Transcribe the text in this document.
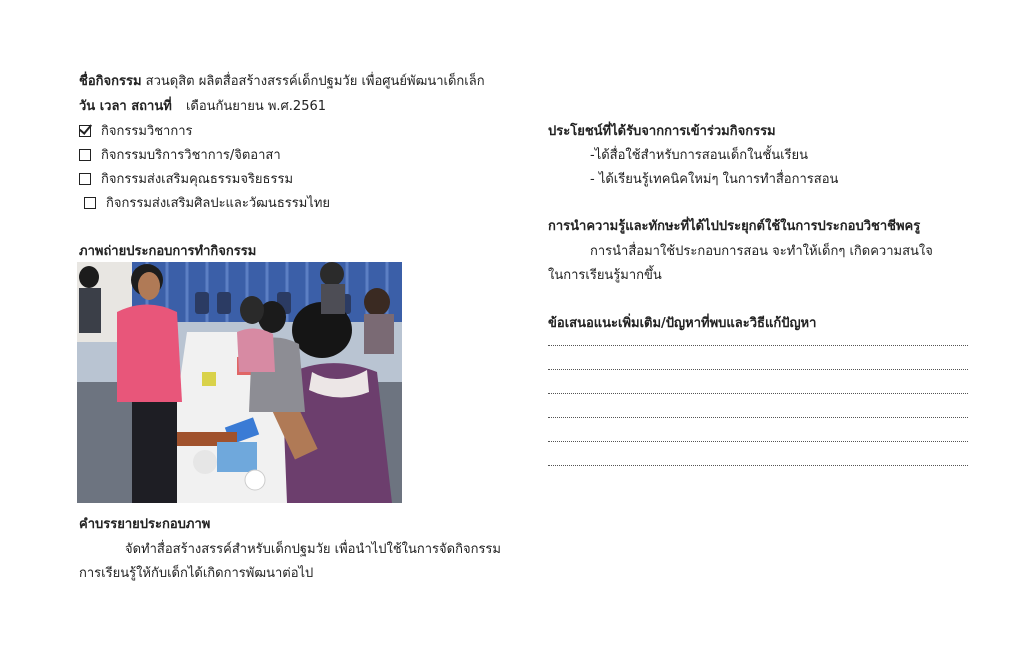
ชื่อกิจกรรม สวนดุสิต ผลิตสื่อสร้างสรรค์เด็กปฐมวัย เพื่อศูนย์พัฒนาเด็กเล็ก
วัน เวลา สถานที่ เดือนกันยายน พ.ศ.2561
กิจกรรมวิชาการ
กิจกรรมบริการวิชาการ/จิตอาสา
กิจกรรมส่งเสริมคุณธรรมจริยธรรม
กิจกรรมส่งเสริมศิลปะและวัฒนธรรมไทย
ภาพถ่ายประกอบการทำกิจกรรม
คำบรรยายประกอบภาพ
จัดทำสื่อสร้างสรรค์สำหรับเด็กปฐมวัย เพื่อนำไปใช้ในการจัดกิจกรรม
การเรียนรู้ให้กับเด็กได้เกิดการพัฒนาต่อไป
ประโยชน์ที่ได้รับจากการเข้าร่วมกิจกรรม
-ได้สื่อใช้สำหรับการสอนเด็กในชั้นเรียน
- ได้เรียนรู้เทคนิคใหม่ๆ ในการทำสื่อการสอน
การนำความรู้และทักษะที่ได้ไปประยุกต์ใช้ในการประกอบวิชาชีพครู
การนำสื่อมาใช้ประกอบการสอน จะทำให้เด็กๆ เกิดความสนใจ
ในการเรียนรู้มากขึ้น
ข้อเสนอแนะเพิ่มเติม/ปัญหาที่พบและวิธีแก้ปัญหา
